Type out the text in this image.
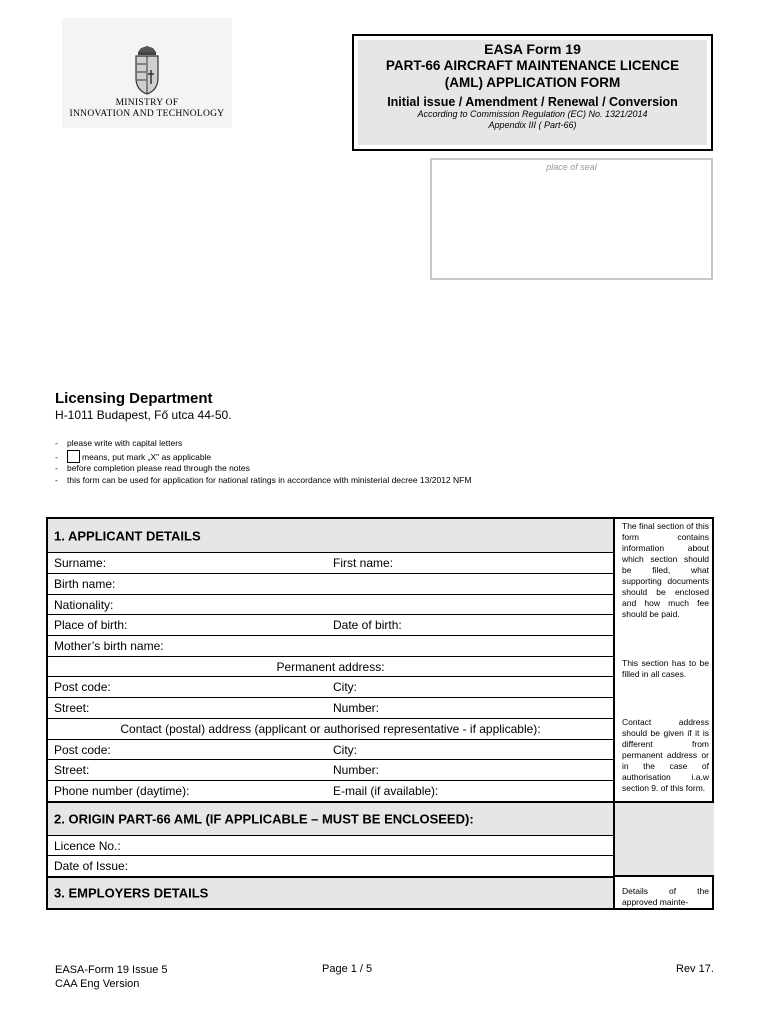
MINISTRY OF
INNOVATION AND TECHNOLOGY
EASA Form 19
PART-66 AIRCRAFT MAINTENANCE LICENCE
(AML) APPLICATION FORM
Initial issue / Amendment / Renewal / Conversion
According to Commission Regulation (EC) No. 1321/2014
Appendix III ( Part-66)
place of seal
Licensing Department
H-1011 Budapest, Fő utca 44-50.
- please write with capital letters
-	means, put mark „X" as applicable
- before completion please read through the notes
- this form can be used for application for national ratings in accordance with ministerial decree 13/2012 NFM
1. APPLICANT DETAILS
Surname:	First name:
Birth name:
Nationality:
Place of birth:	Date of birth:
Mother’s birth name:
Permanent address:
Post code:	City:
Street:	Number:
Contact (postal) address (applicant or authorised representative - if applicable):
Post code:	City:
Street:	Number:
Phone number (daytime):	E-mail (if available):
2. ORIGIN PART-66 AML (IF APPLICABLE – MUST BE ENCLOSEED):
Licence No.:
Date of Issue:
3. EMPLOYERS DETAILS
The final section of this form contains information about which section should be filed, what supporting documents should be enclosed and how much fee should be paid.
This section has to be filled in all cases.
Contact address should be given if it is different from permanent address or in the case of authorisation i.a.w section 9. of this form.
Details of the approved mainte-
EASA-Form 19 Issue 5
CAA Eng Version
Page 1 / 5	Rev 17.
